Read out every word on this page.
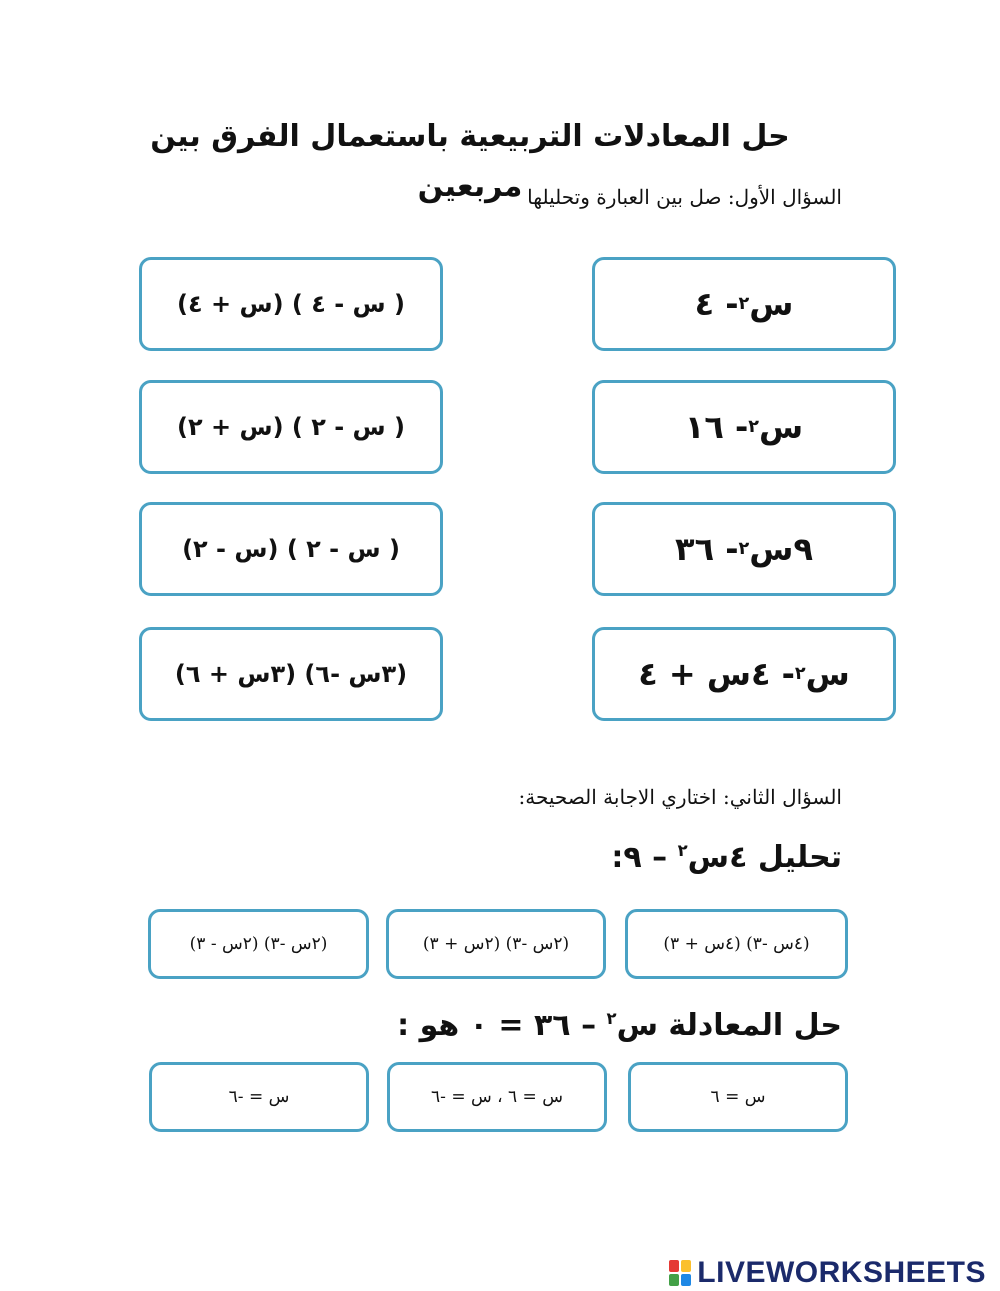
حل المعادلات التربيعية باستعمال الفرق بين مربعين السؤال الأول: صل بين العبارة وتحليلها
س
٢
- ٤
س
٢
- ١٦
٩س
٢
- ٣٦
س
٢
- ٤س + ٤
( س - ٤ ) (س + ٤)
( س - ٢ ) (س + ٢)
( س - ٢ ) (س - ٢)
(٣س -٦) (٣س + ٦)
السؤال الثاني: اختاري الاجابة الصحيحة:
تحليل ٤س$^٢$ – ٩:
(٤س -٣) (٤س + ٣)
(٢س -٣) (٢س + ٣)
(٢س -٣) (٢س - ٣)
حل المعادلة س$^٢$ – ٣٦ = ٠ هو :
س = ٦
س = ٦ ، س = -٦
س = -٦
LIVEWORKSHEETS
